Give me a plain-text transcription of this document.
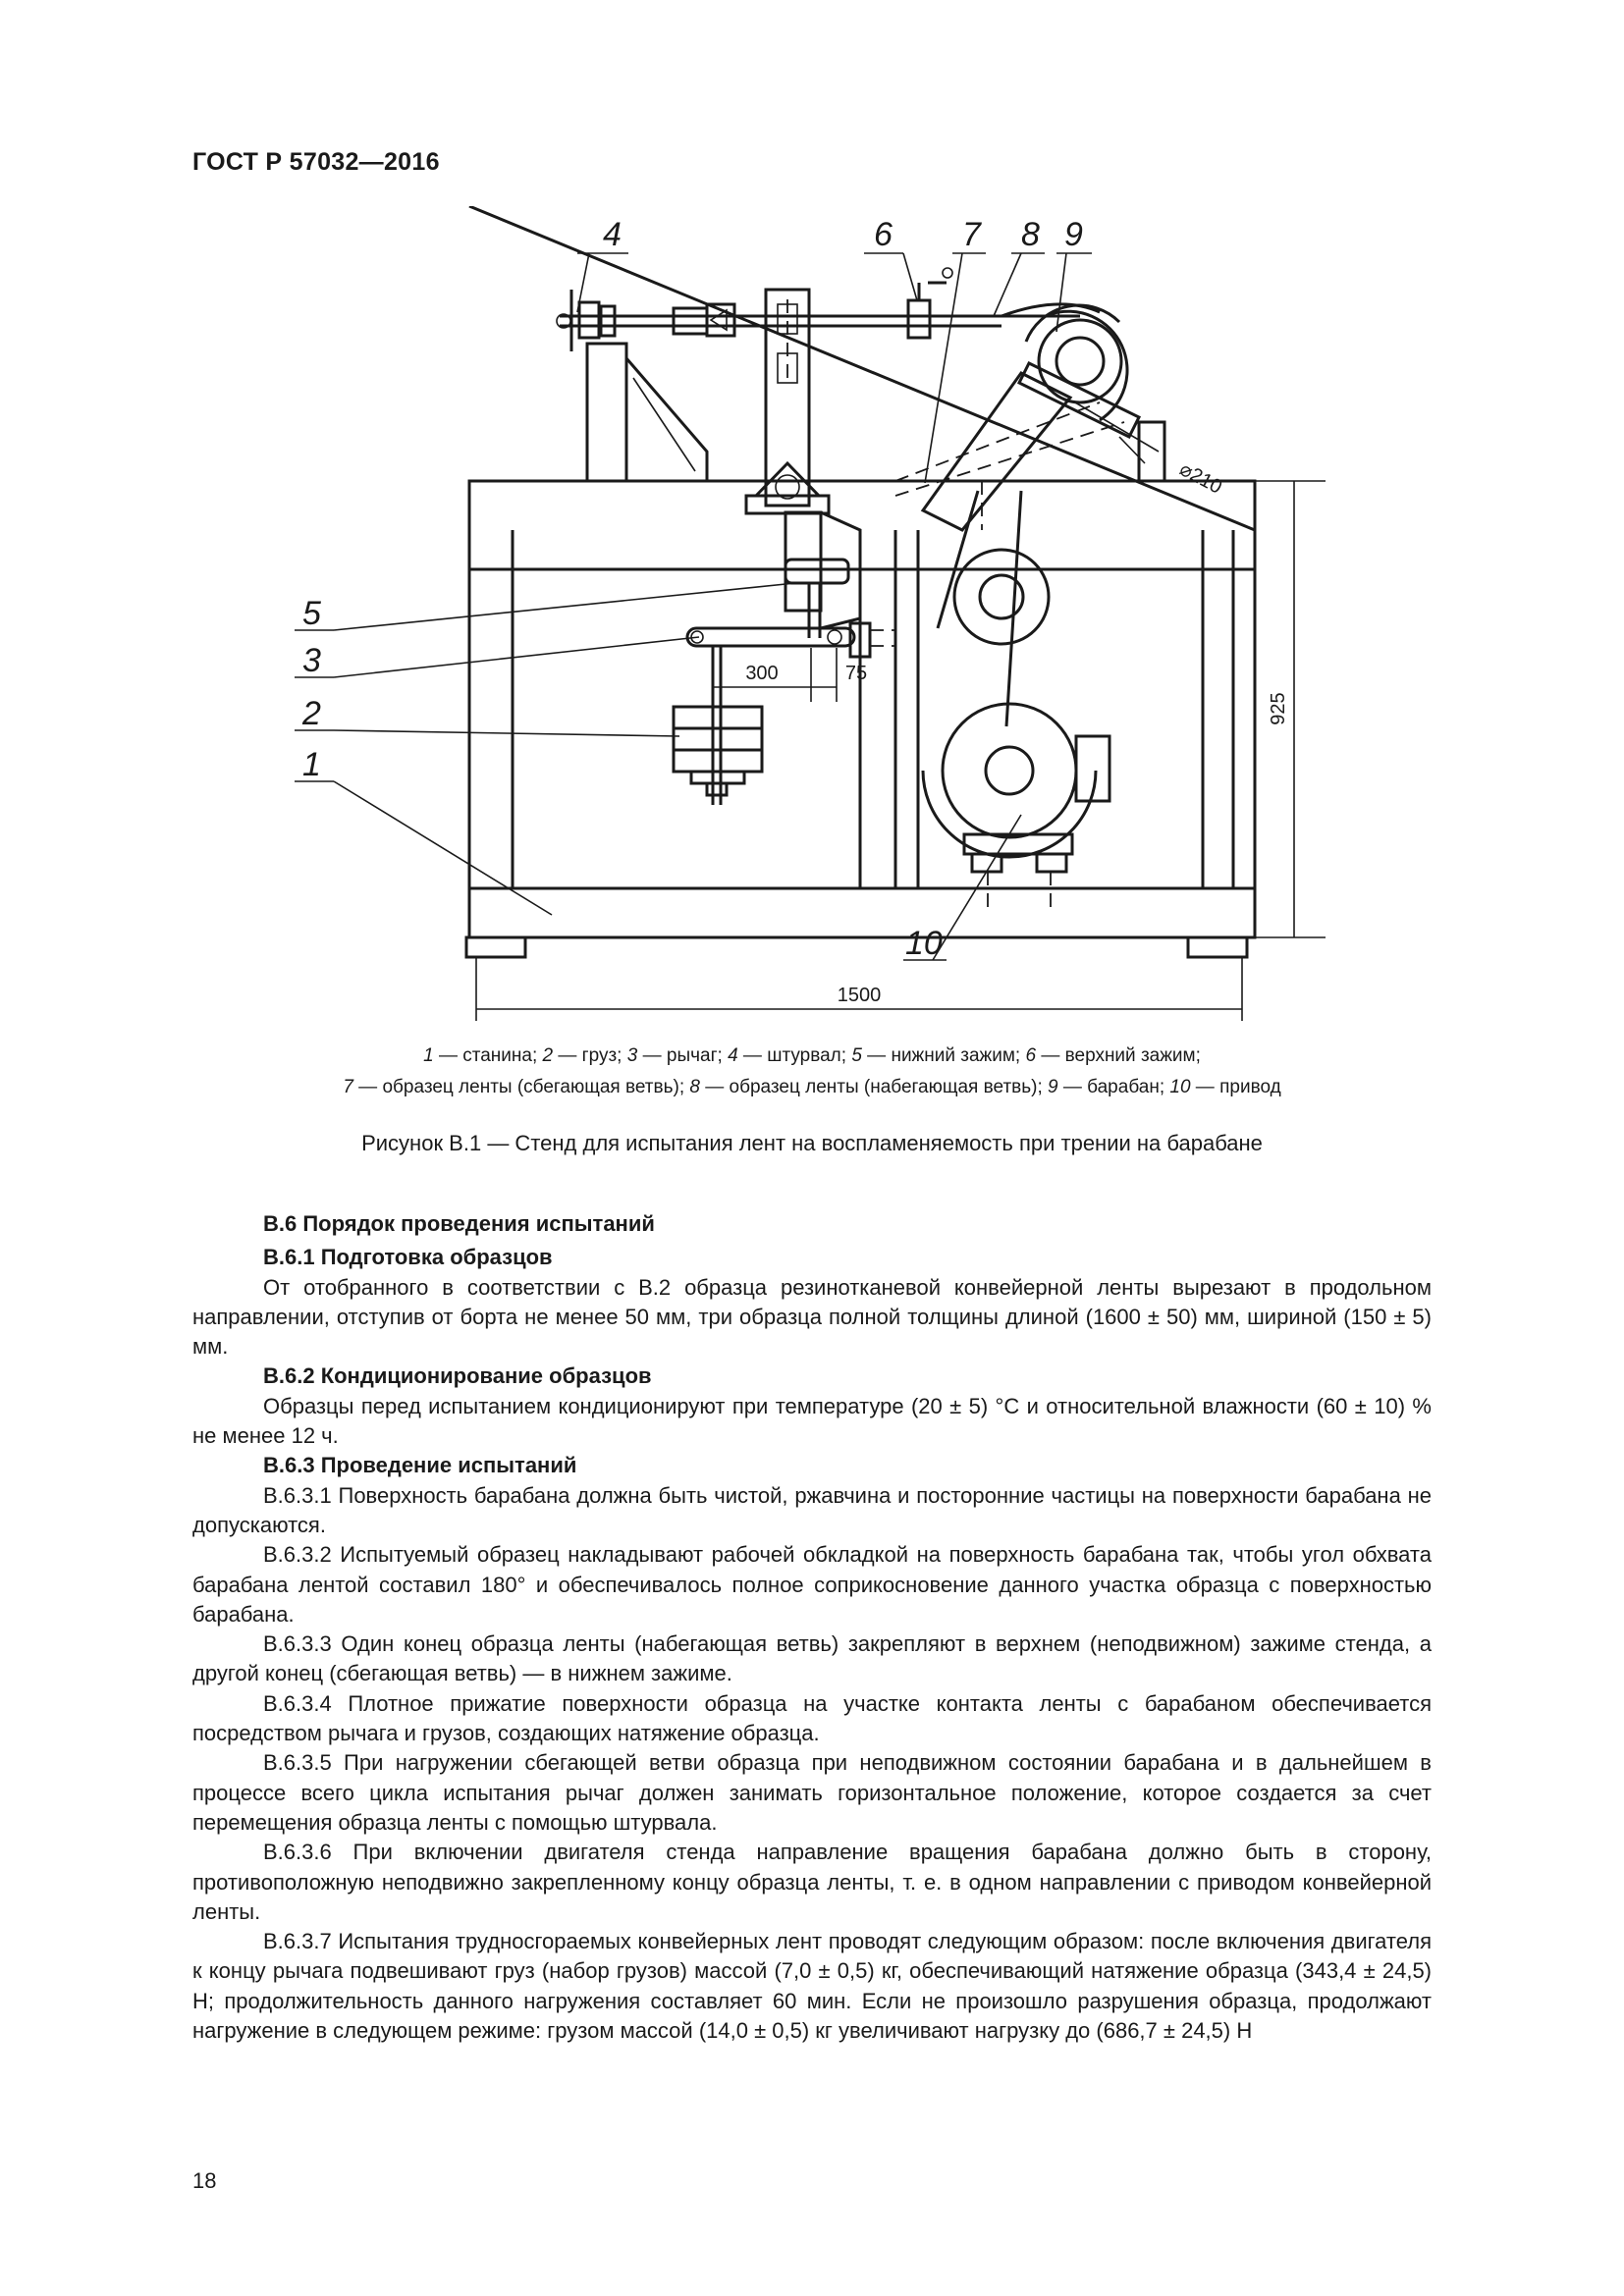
ГОСТ Р 57032—2016
300	75
1500
925
⌀210
4	6 7 8 9
5
3
2
1
10
1 — станина; 2 — груз; 3 — рычаг; 4 — штурвал; 5 — нижний зажим; 6 — верхний зажим;
7 — образец ленты (сбегающая ветвь); 8 — образец ленты (набегающая ветвь); 9 — барабан; 10 — привод
Рисунок В.1 — Стенд для испытания лент на воспламеняемость при трении на барабане
В.6 Порядок проведения испытаний
В.6.1 Подготовка образцов

От отобранного в соответствии с В.2 образца резинотканевой конвейерной ленты вырезают в продольном направлении, отступив от борта не менее 50 мм, три образца полной толщины длиной (1600 ± 50) мм, шириной (150 ± 5) мм.

В.6.2 Кондиционирование образцов

Образцы перед испытанием кондиционируют при температуре (20 ± 5) °С и относительной влажности (60 ± 10) % не менее 12 ч.

В.6.3 Проведение испытаний

В.6.3.1 Поверхность барабана должна быть чистой, ржавчина и посторонние частицы на поверхности барабана не допускаются.

В.6.3.2 Испытуемый образец накладывают рабочей обкладкой на поверхность барабана так, чтобы угол обхвата барабана лентой составил 180° и обеспечивалось полное соприкосновение данного участка образца с поверхностью барабана.

В.6.3.3 Один конец образца ленты (набегающая ветвь) закрепляют в верхнем (неподвижном) зажиме стенда, а другой конец (сбегающая ветвь) — в нижнем зажиме.

В.6.3.4 Плотное прижатие поверхности образца на участке контакта ленты с барабаном обеспечивается посредством рычага и грузов, создающих натяжение образца.

В.6.3.5 При нагружении сбегающей ветви образца при неподвижном состоянии барабана и в дальнейшем в процессе всего цикла испытания рычаг должен занимать горизонтальное положение, которое создается за счет перемещения образца ленты с помощью штурвала.

В.6.3.6 При включении двигателя стенда направление вращения барабана должно быть в сторону, противоположную неподвижно закрепленному концу образца ленты, т. е. в одном направлении с приводом конвейерной ленты.

В.6.3.7 Испытания трудносгораемых конвейерных лент проводят следующим образом: после включения двигателя к концу рычага подвешивают груз (набор грузов) массой (7,0 ± 0,5) кг, обеспечивающий натяжение образца (343,4 ± 24,5) Н; продолжительность данного нагружения составляет 60 мин. Если не произошло разрушения образца, продолжают нагружение в следующем режиме: грузом массой (14,0 ± 0,5) кг увеличивают нагрузку до (686,7 ± 24,5) Н

18
